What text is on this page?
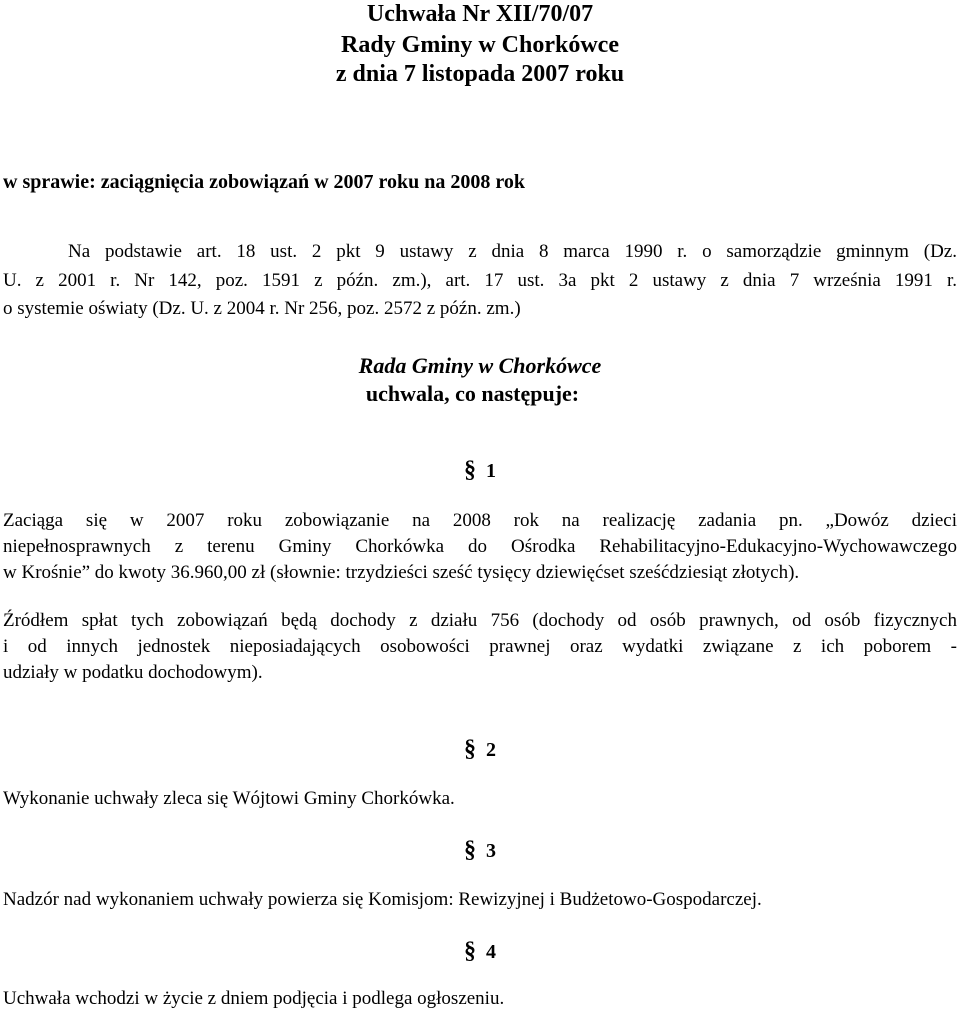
Uchwała Nr XII/70/07
Rady Gminy w Chorkówce
z dnia 7 listopada 2007 roku
w sprawie: zaciągnięcia zobowiązań w 2007 roku na 2008 rok
Na podstawie art. 18 ust. 2 pkt 9 ustawy z dnia 8 marca 1990 r. o samorządzie gminnym (Dz.
U. z 2001 r. Nr 142, poz. 1591 z późn. zm.), art. 17 ust. 3a pkt 2 ustawy z dnia 7 września 1991 r.
o systemie oświaty (Dz. U. z 2004 r. Nr 256, poz. 2572 z późn. zm.)
Rada Gminy w Chorkówce
uchwala, co następuje:
§ 1
Zaciąga się w 2007 roku zobowiązanie na 2008 rok na realizację zadania pn. „Dowóz dzieci
niepełnosprawnych z terenu Gminy Chorkówka do Ośrodka Rehabilitacyjno-Edukacyjno-Wychowawczego
w Krośnie” do kwoty 36.960,00 zł (słownie: trzydzieści sześć tysięcy dziewięćset sześćdziesiąt złotych).
Źródłem spłat tych zobowiązań będą dochody z działu 756 (dochody od osób prawnych, od osób fizycznych
i od innych jednostek nieposiadających osobowości prawnej oraz wydatki związane z ich poborem -
udziały w podatku dochodowym).
§ 2
Wykonanie uchwały zleca się Wójtowi Gminy Chorkówka.
§ 3
Nadzór nad wykonaniem uchwały powierza się Komisjom: Rewizyjnej i Budżetowo-Gospodarczej.
§ 4
Uchwała wchodzi w życie z dniem podjęcia i podlega ogłoszeniu.
